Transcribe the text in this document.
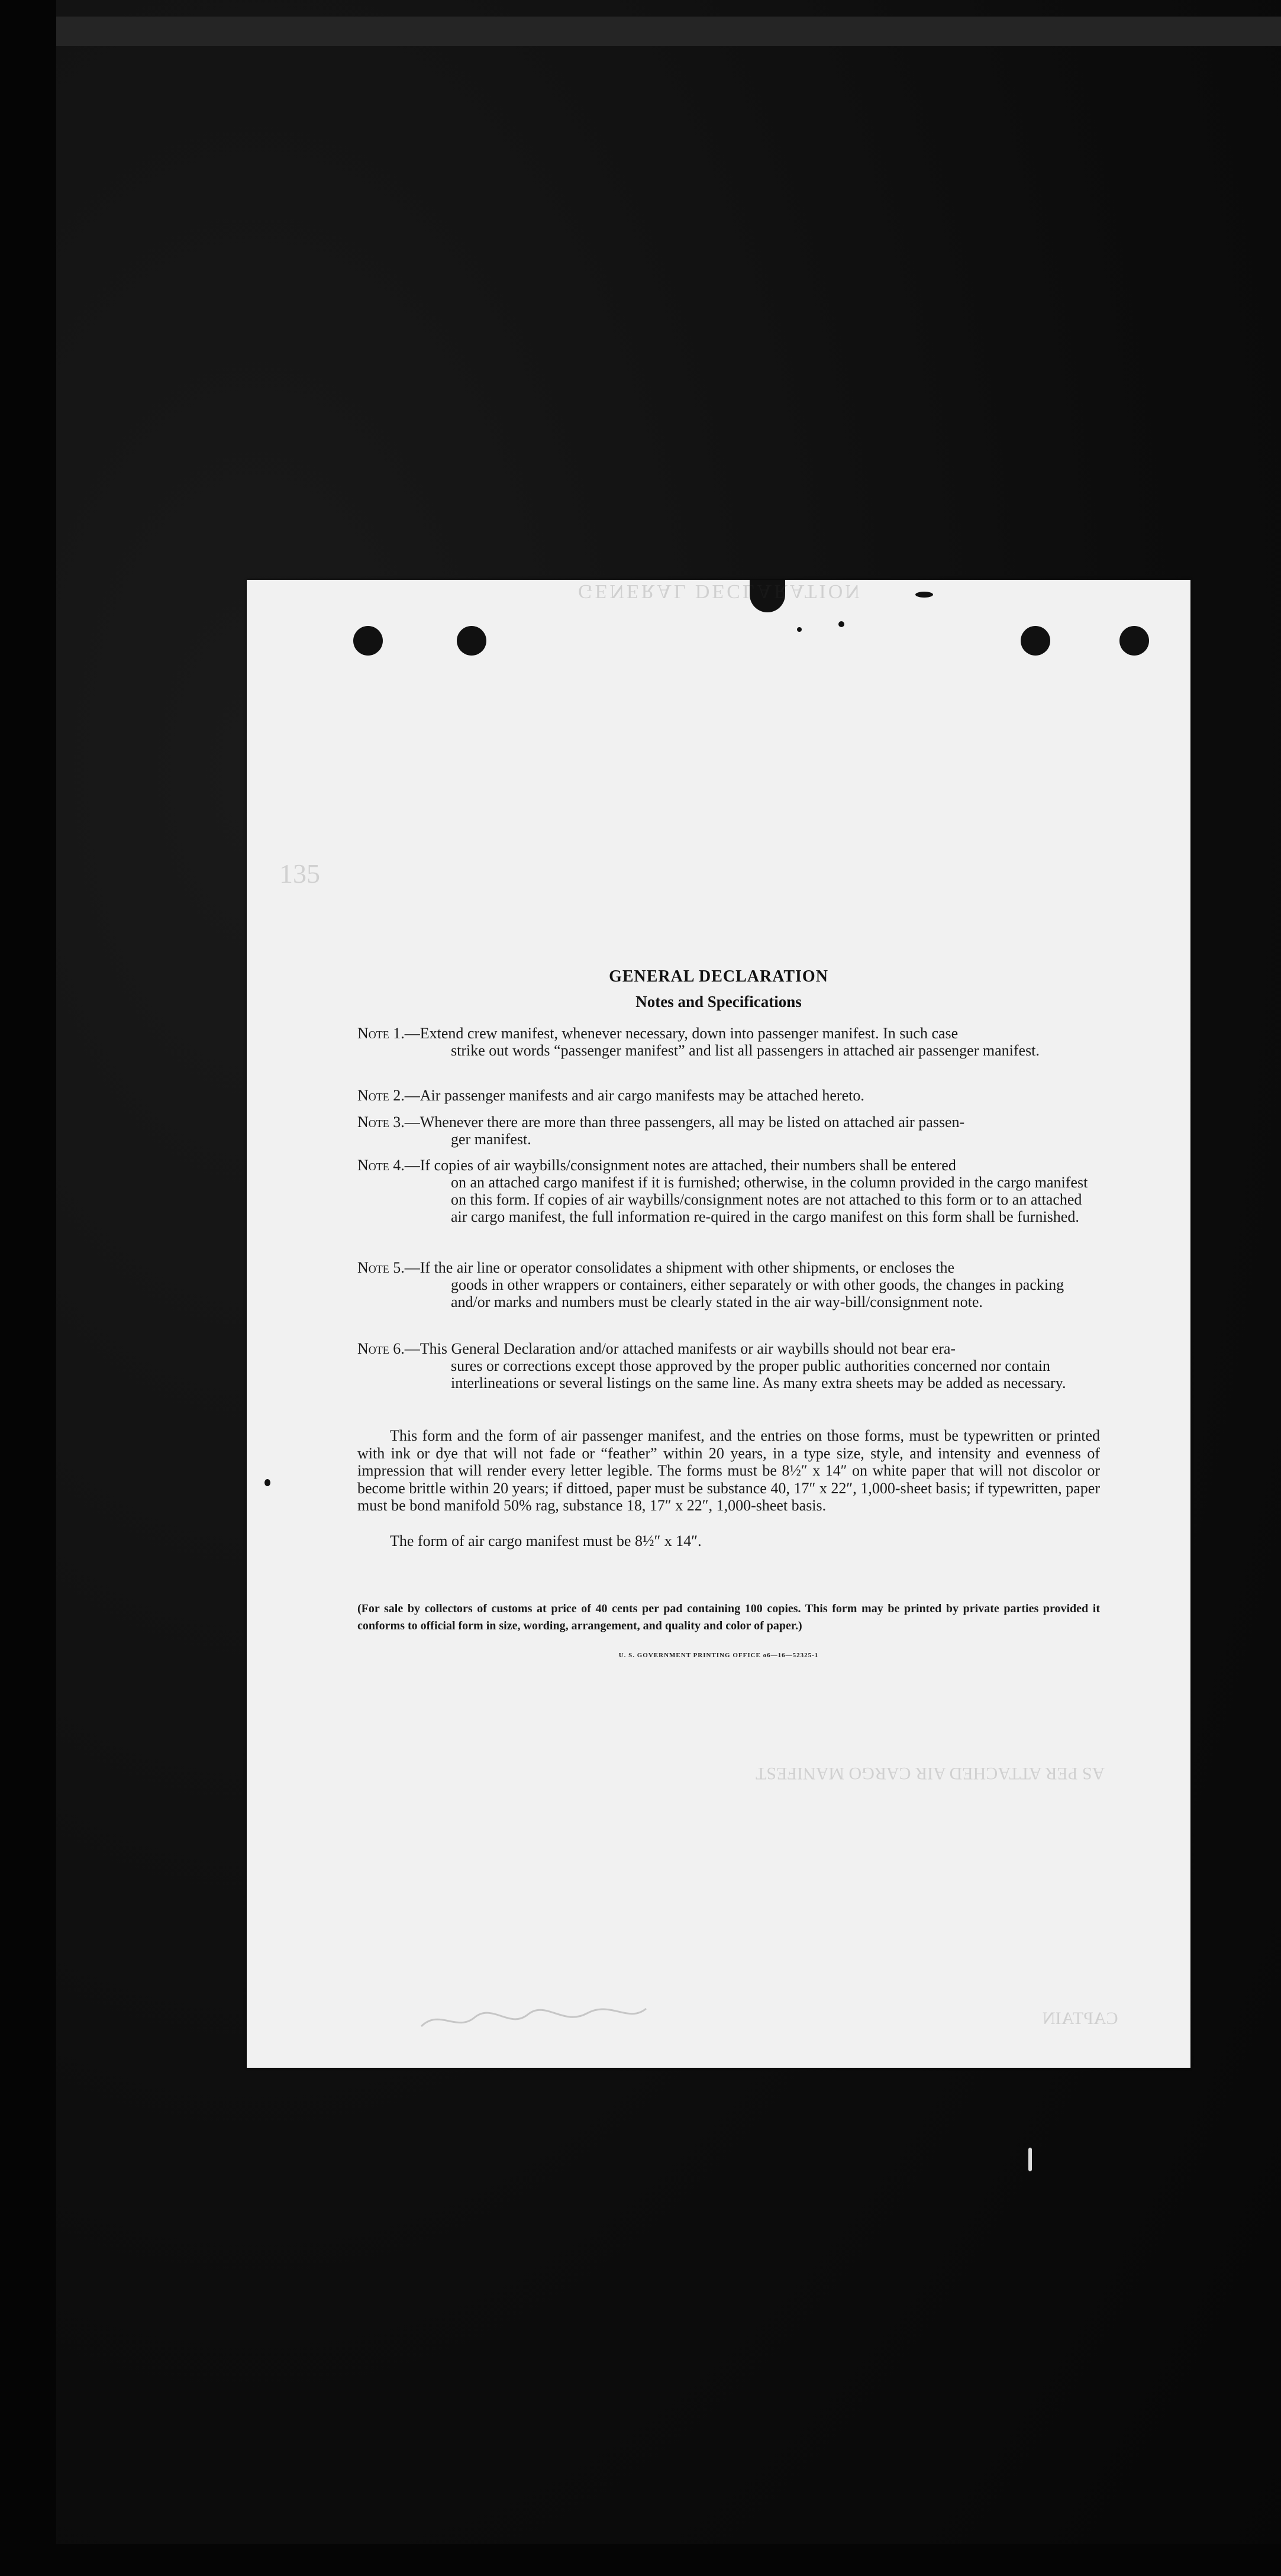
GENERAL DECLARATION
135
AS PER ATTACHED AIR CARGO MANIFEST
CAPTAIN
GENERAL DECLARATION
Notes and Specifications
Note 1.—Extend crew manifest, whenever necessary, down into passenger manifest. In such case
strike out words “passenger manifest” and list all passengers in attached air passenger manifest.
Note 2.—Air passenger manifests and air cargo manifests may be attached hereto.
Note 3.—Whenever there are more than three passengers, all may be listed on attached air passen-
ger manifest.
Note 4.—If copies of air waybills/consignment notes are attached, their numbers shall be entered
on an attached cargo manifest if it is furnished; otherwise, in the column provided in the cargo manifest on this form. If copies of air waybills/consignment notes are not attached to this form or to an attached air cargo manifest, the full information re-quired in the cargo manifest on this form shall be furnished.
Note 5.—If the air line or operator consolidates a shipment with other shipments, or encloses the
goods in other wrappers or containers, either separately or with other goods, the changes in packing and/or marks and numbers must be clearly stated in the air way-bill/consignment note.
Note 6.—This General Declaration and/or attached manifests or air waybills should not bear era-
sures or corrections except those approved by the proper public authorities concerned nor contain interlineations or several listings on the same line. As many extra sheets may be added as necessary.
This form and the form of air passenger manifest, and the entries on those forms, must be typewritten or printed with ink or dye that will not fade or “feather” within 20 years, in a type size, style, and intensity and evenness of impression that will render every letter legible. The forms must be 8½″ x 14″ on white paper that will not discolor or become brittle within 20 years; if dittoed, paper must be substance 40, 17″ x 22″, 1,000-sheet basis; if typewritten, paper must be bond manifold 50% rag, substance 18, 17″ x 22″, 1,000-sheet basis.
The form of air cargo manifest must be 8½″ x 14″.
(For sale by collectors of customs at price of 40 cents per pad containing 100 copies. This form may be printed by private parties provided it conforms to official form in size, wording, arrangement, and quality and color of paper.)
U. S. GOVERNMENT PRINTING OFFICE o6—16—52325-1
